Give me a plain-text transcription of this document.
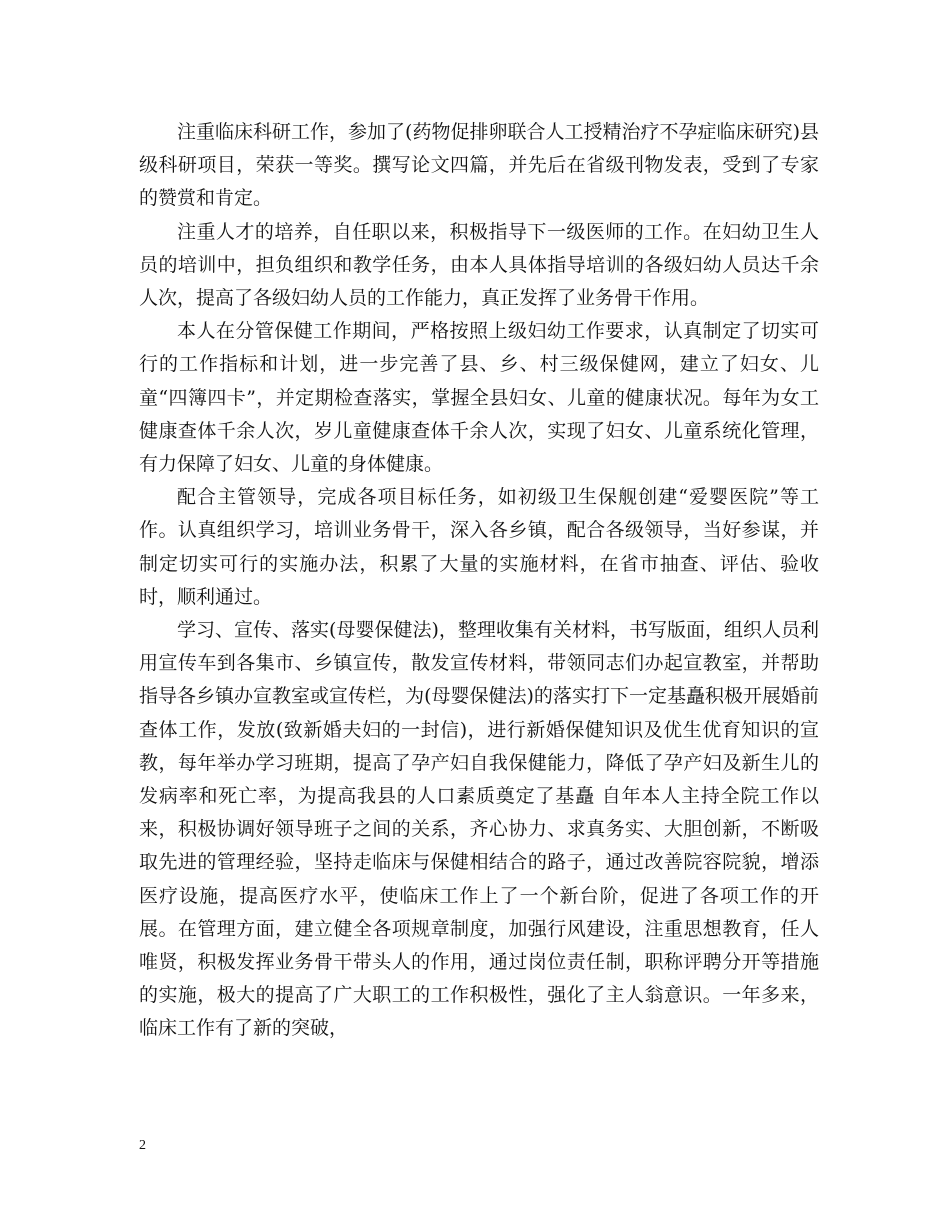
注重临床科研工作，参加了(药物促排卵联合人工授精治疗不孕症临床研究)县级科研项目，荣获一等奖。撰写论文四篇，并先后在省级刊物发表，受到了专家的赞赏和肯定。

注重人才的培养，自任职以来，积极指导下一级医师的工作。在妇幼卫生人员的培训中，担负组织和教学任务，由本人具体指导培训的各级妇幼人员达千余人次，提高了各级妇幼人员的工作能力，真正发挥了业务骨干作用。

本人在分管保健工作期间，严格按照上级妇幼工作要求，认真制定了切实可行的工作指标和计划，进一步完善了县、乡、村三级保健网，建立了妇女、儿童“四簿四卡”，并定期检查落实，掌握全县妇女、儿童的健康状况。每年为女工健康查体千余人次，岁儿童健康查体千余人次，实现了妇女、儿童系统化管理，有力保障了妇女、儿童的身体健康。

配合主管领导，完成各项目标任务，如初级卫生保舰创建“爱婴医院”等工作。认真组织学习，培训业务骨干，深入各乡镇，配合各级领导，当好参谋，并制定切实可行的实施办法，积累了大量的实施材料，在省市抽查、评估、验收时，顺利通过。

学习、宣传、落实(母婴保健法)，整理收集有关材料，书写版面，组织人员利用宣传车到各集市、乡镇宣传，散发宣传材料，带领同志们办起宣教室，并帮助指导各乡镇办宣教室或宣传栏，为(母婴保健法)的落实打下一定基矗积极开展婚前查体工作，发放(致新婚夫妇的一封信)，进行新婚保健知识及优生优育知识的宣教，每年举办学习班期，提高了孕产妇自我保健能力，降低了孕产妇及新生儿的发病率和死亡率，为提高我县的人口素质奠定了基矗 自年本人主持全院工作以来，积极协调好领导班子之间的关系，齐心协力、求真务实、大胆创新，不断吸取先进的管理经验，坚持走临床与保健相结合的路子，通过改善院容院貌，增添医疗设施，提高医疗水平，使临床工作上了一个新台阶，促进了各项工作的开展。在管理方面，建立健全各项规章制度，加强行风建设，注重思想教育，任人唯贤，积极发挥业务骨干带头人的作用，通过岗位责任制，职称评聘分开等措施的实施，极大的提高了广大职工的工作积极性，强化了主人翁意识。一年多来，临床工作有了新的突破，

2
